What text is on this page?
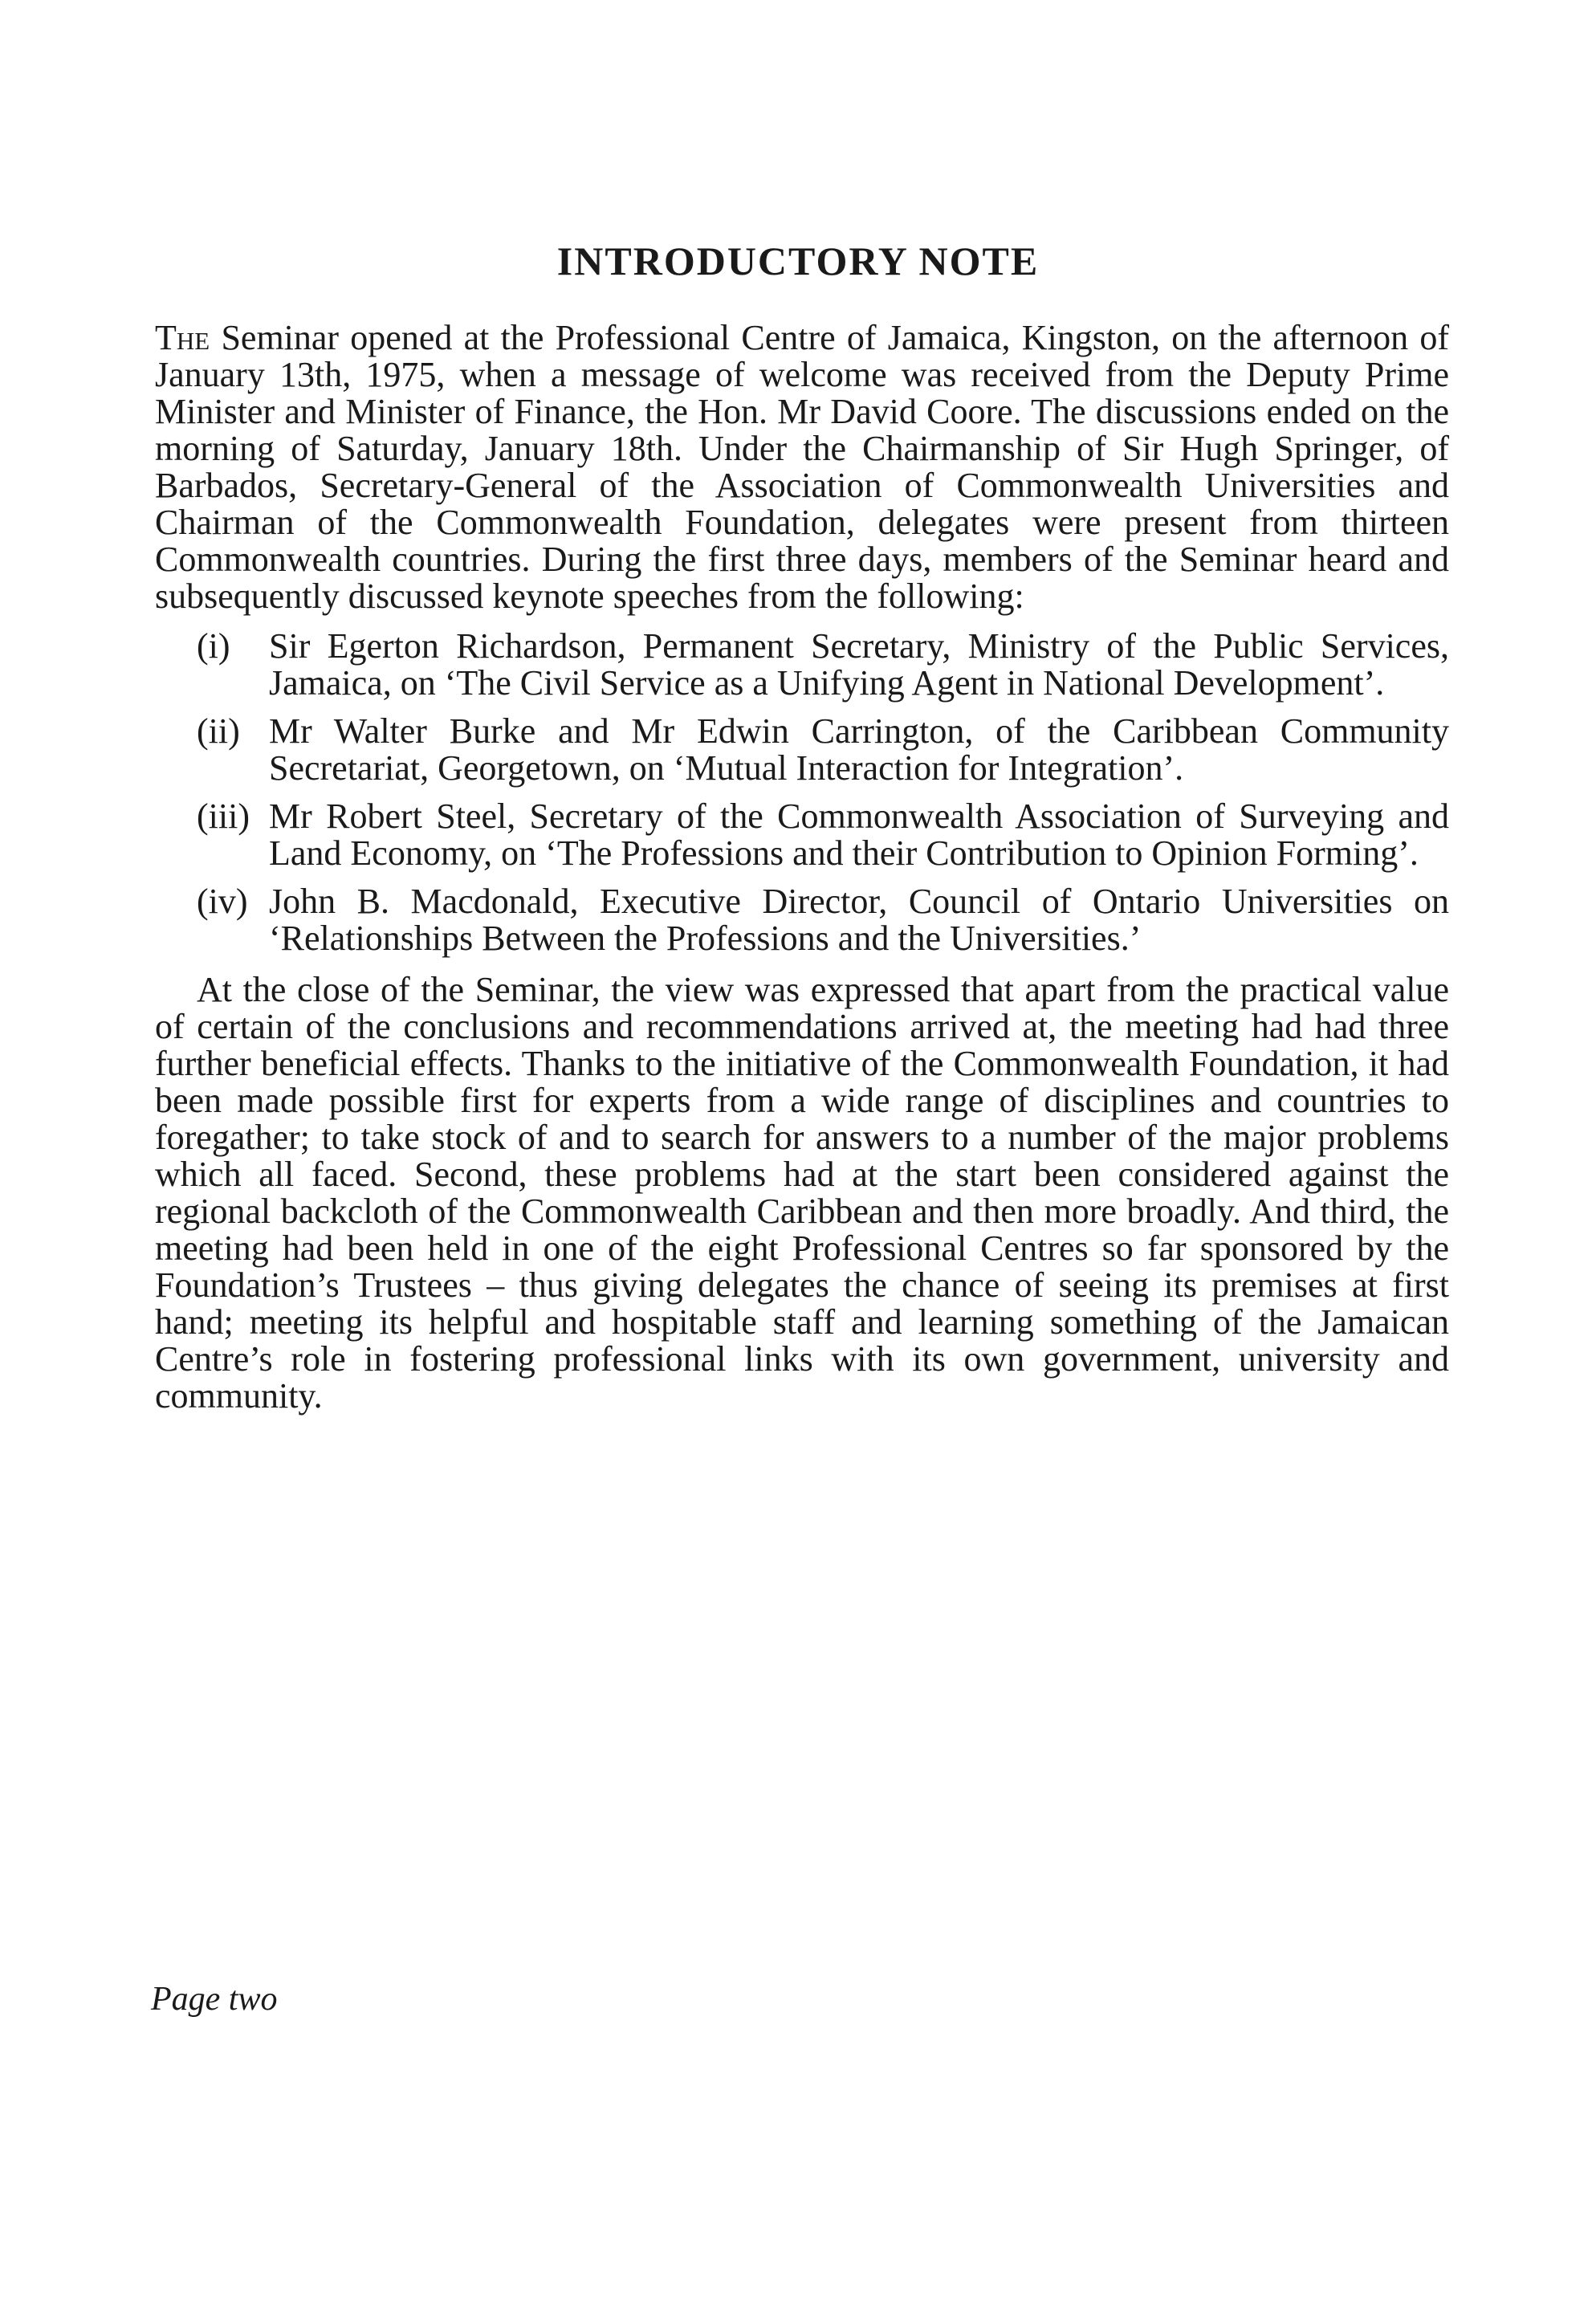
INTRODUCTORY NOTE

The Seminar opened at the Professional Centre of Jamaica, Kingston, on the afternoon of January 13th, 1975, when a message of welcome was received from the Deputy Prime Minister and Minister of Finance, the Hon. Mr David Coore. The discussions ended on the morning of Saturday, January 18th. Under the Chairmanship of Sir Hugh Springer, of Barbados, Secretary-General of the Association of Commonwealth Universities and Chairman of the Commonwealth Foundation, delegates were present from thirteen Commonwealth countries. During the first three days, members of the Seminar heard and subsequently discussed keynote speeches from the following:

(i) Sir Egerton Richardson, Permanent Secretary, Ministry of the Public Services, Jamaica, on ‘The Civil Service as a Unifying Agent in National Development’.
(ii) Mr Walter Burke and Mr Edwin Carrington, of the Caribbean Community Secretariat, Georgetown, on ‘Mutual Interaction for Integration’.
(iii) Mr Robert Steel, Secretary of the Commonwealth Association of Surveying and Land Economy, on ‘The Professions and their Contribution to Opinion Forming’.
(iv) John B. Macdonald, Executive Director, Council of Ontario Universities on ‘Relationships Between the Professions and the Universities.’

At the close of the Seminar, the view was expressed that apart from the practical value of certain of the conclusions and recommendations arrived at, the meeting had had three further beneficial effects. Thanks to the initiative of the Commonwealth Foundation, it had been made possible first for experts from a wide range of disciplines and countries to foregather; to take stock of and to search for answers to a number of the major problems which all faced. Second, these problems had at the start been considered against the regional backcloth of the Commonwealth Caribbean and then more broadly. And third, the meeting had been held in one of the eight Professional Centres so far sponsored by the Foundation’s Trustees – thus giving delegates the chance of seeing its premises at first hand; meeting its helpful and hospitable staff and learning something of the Jamaican Centre’s role in fostering professional links with its own government, university and community.

Page two
